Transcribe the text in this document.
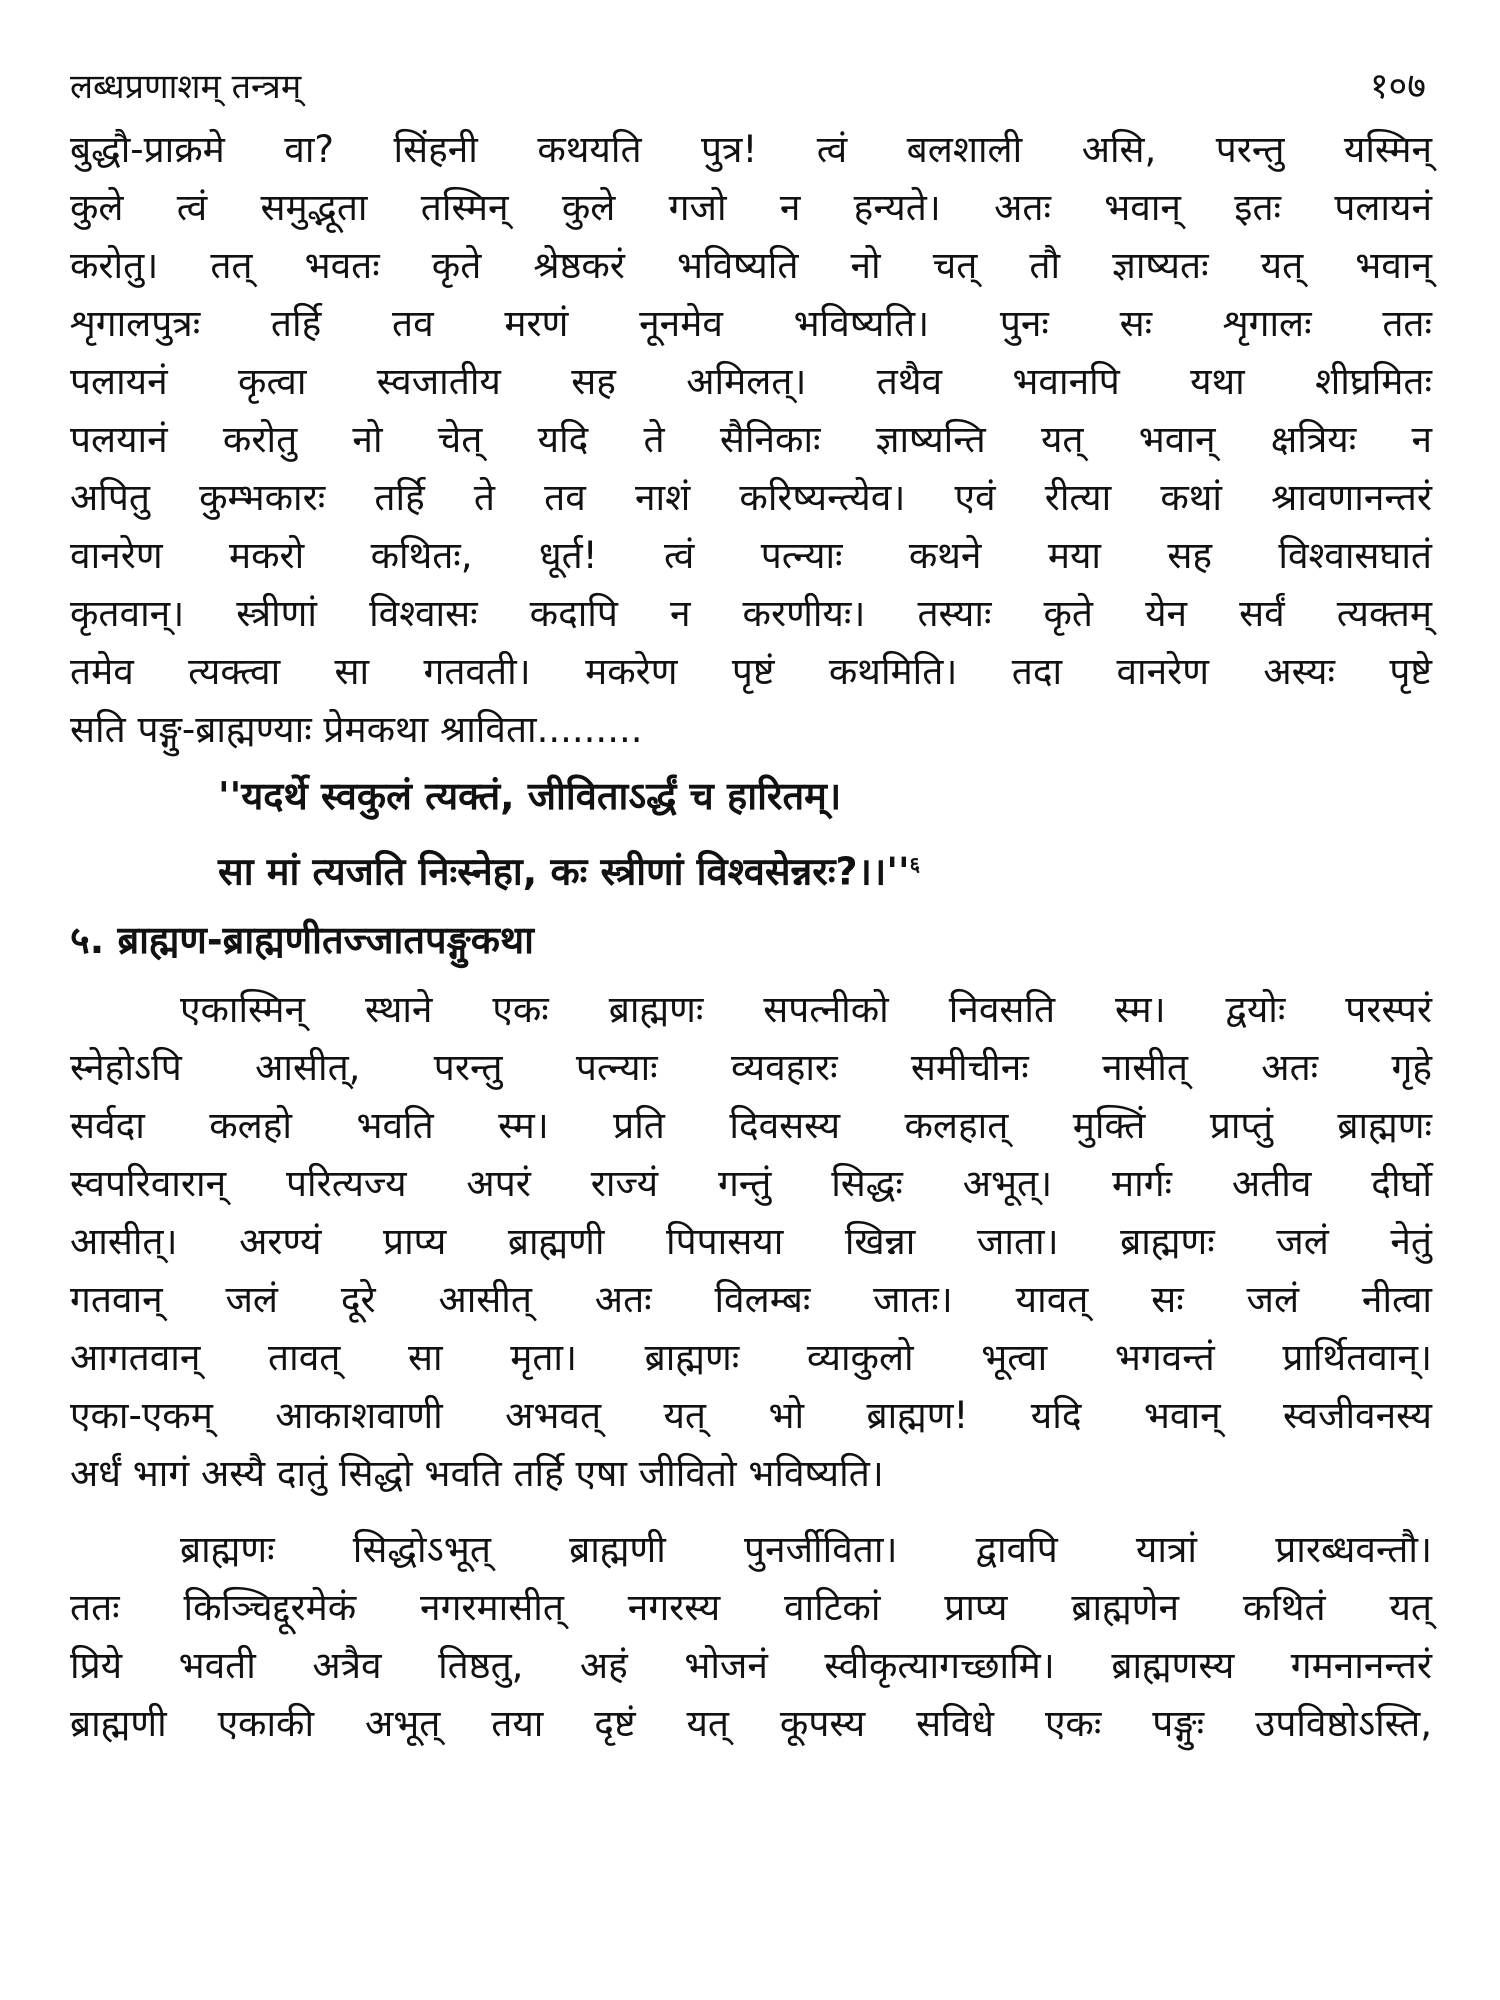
लब्धप्रणाशम् तन्त्रम्	१०७
बुद्धौ-प्राक्रमे वा? सिंहनी कथयति पुत्र! त्वं बलशाली असि, परन्तु यस्मिन्
कुले त्वं समुद्भूता तस्मिन् कुले गजो न हन्यते। अतः भवान् इतः पलायनं
करोतु। तत् भवतः कृते श्रेष्ठकरं भविष्यति नो चत् तौ ज्ञाष्यतः यत् भवान्
शृगालपुत्रः तर्हि तव मरणं नूनमेव भविष्यति। पुनः सः शृगालः ततः
पलायनं कृत्वा स्वजातीय सह अमिलत्। तथैव भवानपि यथा शीघ्रमितः
पलयानं करोतु नो चेत् यदि ते सैनिकाः ज्ञाष्यन्ति यत् भवान् क्षत्रियः न
अपितु कुम्भकारः तर्हि ते तव नाशं करिष्यन्त्येव। एवं रीत्या कथां श्रावणानन्तरं
वानरेण मकरो कथितः, धूर्त! त्वं पत्न्याः कथने मया सह विश्वासघातं
कृतवान्। स्त्रीणां विश्वासः कदापि न करणीयः। तस्याः कृते येन सर्वं त्यक्तम्
तमेव त्यक्त्वा सा गतवती। मकरेण पृष्टं कथमिति। तदा वानरेण अस्यः पृष्टे
सति पङ्गु-ब्राह्मण्याः प्रेमकथा श्राविता.........
''यदर्थे स्वकुलं त्यक्तं, जीविताऽर्द्धं च हारितम्।
सा मां त्यजति निःस्नेहा, कः स्त्रीणां $विश्वसेन्नरः?।।''^६$
५. ब्राह्मण-ब्राह्मणीतज्जातपङ्गुकथा
एकास्मिन् स्थाने एकः ब्राह्मणः सपत्नीको निवसति स्म। द्वयोः परस्परं
स्नेहोऽपि आसीत्, परन्तु पत्न्याः व्यवहारः समीचीनः नासीत् अतः गृहे
सर्वदा कलहो भवति स्म। प्रति दिवसस्य कलहात् मुक्तिं प्राप्तुं ब्राह्मणः
स्वपरिवारान् परित्यज्य अपरं राज्यं गन्तुं सिद्धः अभूत्। मार्गः अतीव दीर्घो
आसीत्। अरण्यं प्राप्य ब्राह्मणी पिपासया खिन्ना जाता। ब्राह्मणः जलं नेतुं
गतवान् जलं दूरे आसीत् अतः विलम्बः जातः। यावत् सः जलं नीत्वा
आगतवान् तावत् सा मृता। ब्राह्मणः व्याकुलो भूत्वा भगवन्तं प्रार्थितवान्।
एका-एकम् आकाशवाणी अभवत् यत् भो ब्राह्मण! यदि भवान् स्वजीवनस्य
अर्धं भागं अस्यै दातुं सिद्धो भवति तर्हि एषा जीवितो भविष्यति।
ब्राह्मणः सिद्धोऽभूत् ब्राह्मणी पुनर्जीविता। द्वावपि यात्रां प्रारब्धवन्तौ।
ततः किञ्चिद्दूरमेकं नगरमासीत् नगरस्य वाटिकां प्राप्य ब्राह्मणेन कथितं यत्
प्रिये भवती अत्रैव तिष्ठतु, अहं भोजनं स्वीकृत्यागच्छामि। ब्राह्मणस्य गमनानन्तरं
ब्राह्मणी एकाकी अभूत् तया दृष्टं यत् कूपस्य सविधे एकः पङ्गुः उपविष्ठोऽस्ति,
